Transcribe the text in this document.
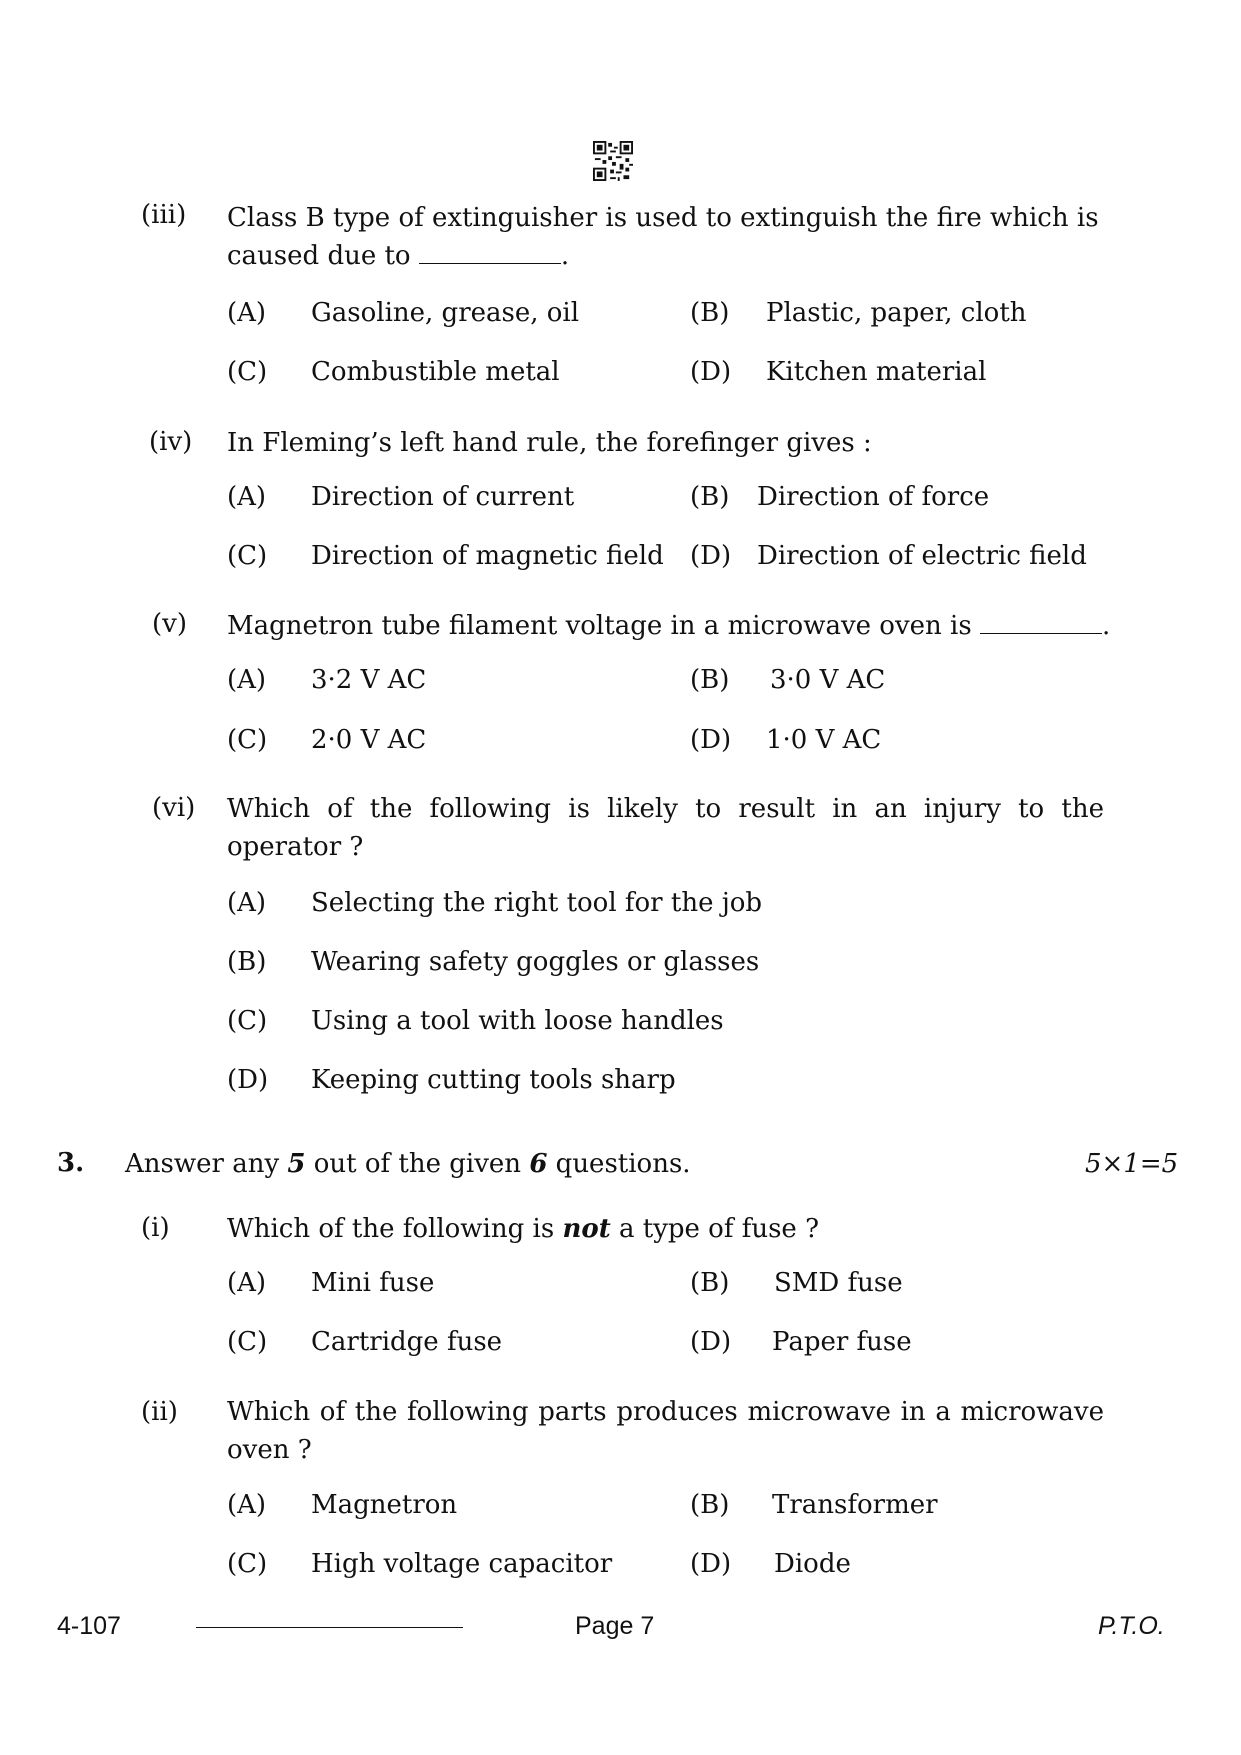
(iii) Class B type of extinguisher is used to extinguish the fire which is
caused due to	.
(A) Gasoline, grease, oil	(B) Plastic, paper, cloth
(C) Combustible metal	(D) Kitchen material
(iv) In Fleming’s left hand rule, the forefinger gives :
(A) Direction of current	(B) Direction of force
(C) Direction of magnetic field (D) Direction of electric field
(v) Magnetron tube filament voltage in a microwave oven is	.
(A) 3·2 V AC	(B) 3·0 V AC
(C) 2·0 V AC	(D) 1·0 V AC
(vi) Which of the following is likely to result in an injury to the operator ?
(A) Selecting the right tool for the job
(B) Wearing safety goggles or glasses
(C) Using a tool with loose handles
(D) Keeping cutting tools sharp
3. Answer any 5 out of the given 6 questions.	5×1=5
(i) Which of the following is not a type of fuse ?
(A) Mini fuse	(B) SMD fuse
(C) Cartridge fuse	(D) Paper fuse
(ii) Which of the following parts produces microwave in a microwave oven ?
(A) Magnetron	(B) Transformer
(C) High voltage capacitor	(D) Diode
4-107	Page 7	P.T.O.
